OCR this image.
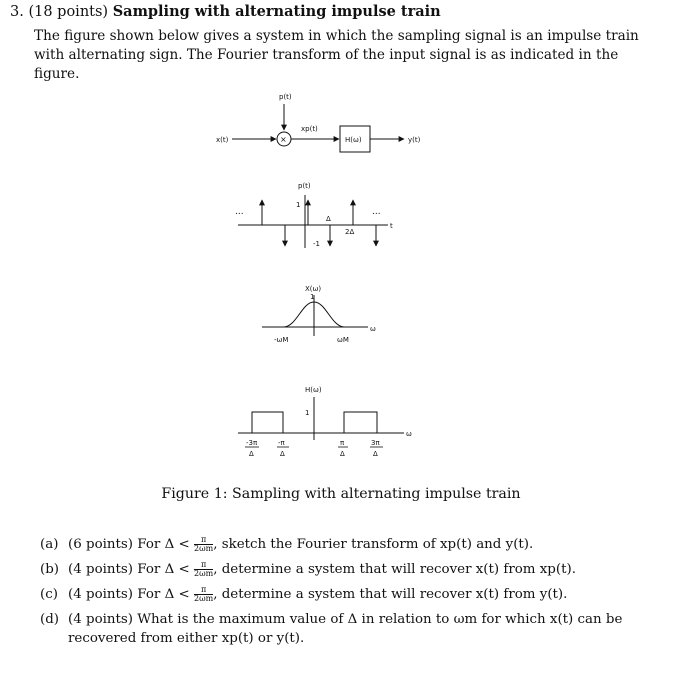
3. (18 points) Sampling with alternating impulse train
The figure shown below gives a system in which the sampling signal is an impulse train with alternating sign. The Fourier transform of the input signal is as indicated in the figure.
x(t)
p(t)
×
xp(t)
H(ω)	y(t)
p(t)
1
-1
Δ
2Δ
t
...	...
X(ω)
1
-ωM	ωM
ω
H(ω)
1
ω
-3π
Δ
-π
Δ
π
Δ
3π
Δ
Figure 1: Sampling with alternating impulse train
(a) (6 points) For $\Delta < \frac{\pi}{2\omega m}$ , sketch the Fourier transform of xp(t) and y(t).
(b) (4 points) For $\Delta < \frac{\pi}{2\omega m}$ , determine a system that will recover x(t) from xp(t).
(c) (4 points) For $\Delta < \frac{\pi}{2\omega m}$ , determine a system that will recover x(t) from y(t).
(d) (4 points) What is the maximum value of Δ in relation to ωm for which x(t) can be recovered from either xp(t) or y(t).
